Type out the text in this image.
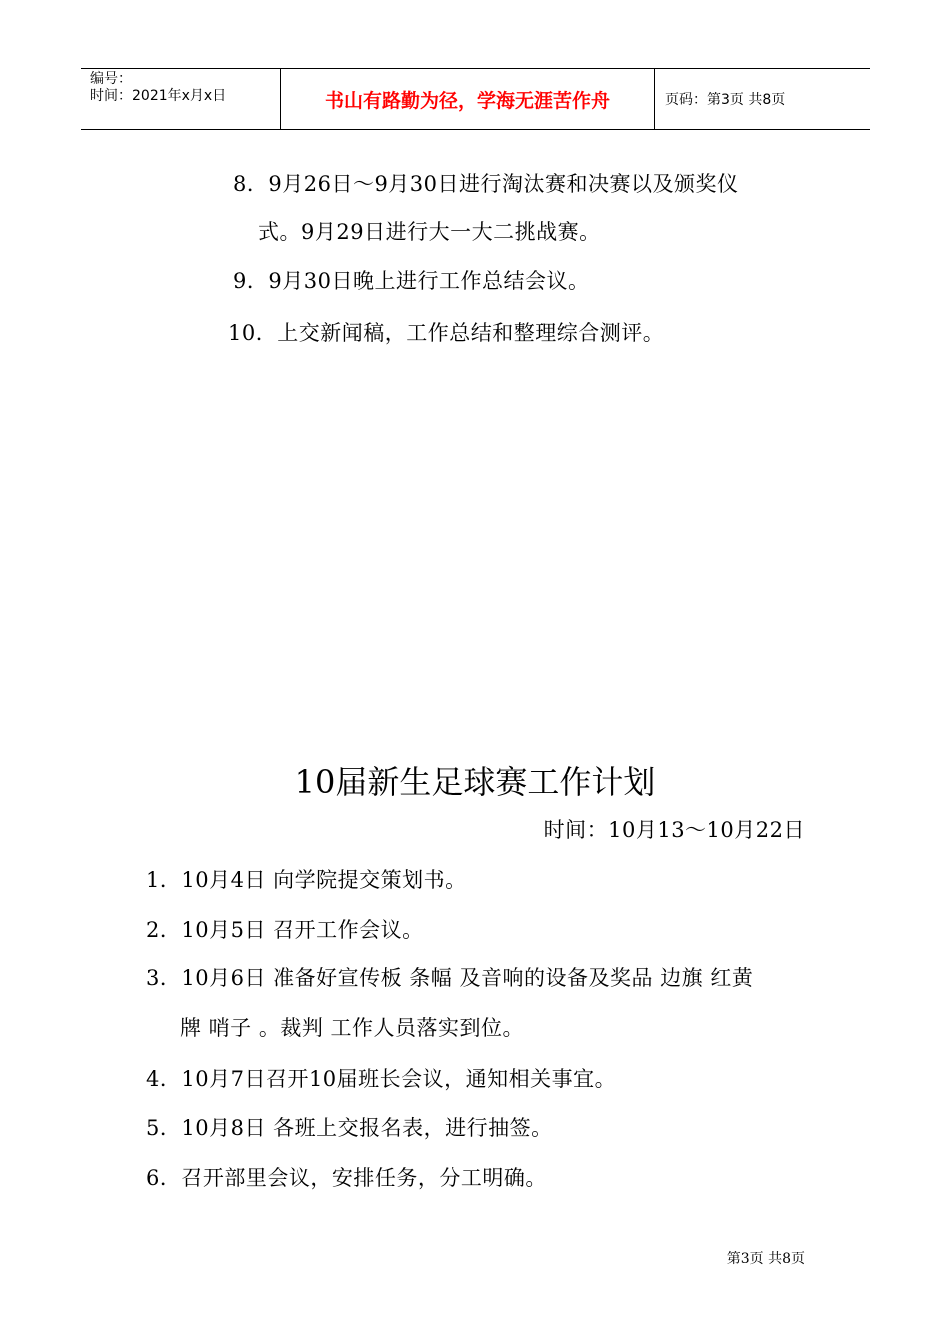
编号：
时间：2021年x月x日	书山有路勤为径，学海无涯苦作舟	页码：第3页 共8页
8．9月26日～9月30日进行淘汰赛和决赛以及颁奖仪
式。9月29日进行大一大二挑战赛。
9．9月30日晚上进行工作总结会议。
10．上交新闻稿，工作总结和整理综合测评。
10届新生足球赛工作计划
时间：10月13～10月22日
1．10月4日 向学院提交策划书。
2．10月5日 召开工作会议。
3．10月6日 准备好宣传板 条幅 及音响的设备及奖品 边旗 红黄
牌 哨子 。裁判 工作人员落实到位。
4．10月7日召开10届班长会议，通知相关事宜。
5．10月8日 各班上交报名表，进行抽签。
6．召开部里会议，安排任务，分工明确。
第3页 共8页
